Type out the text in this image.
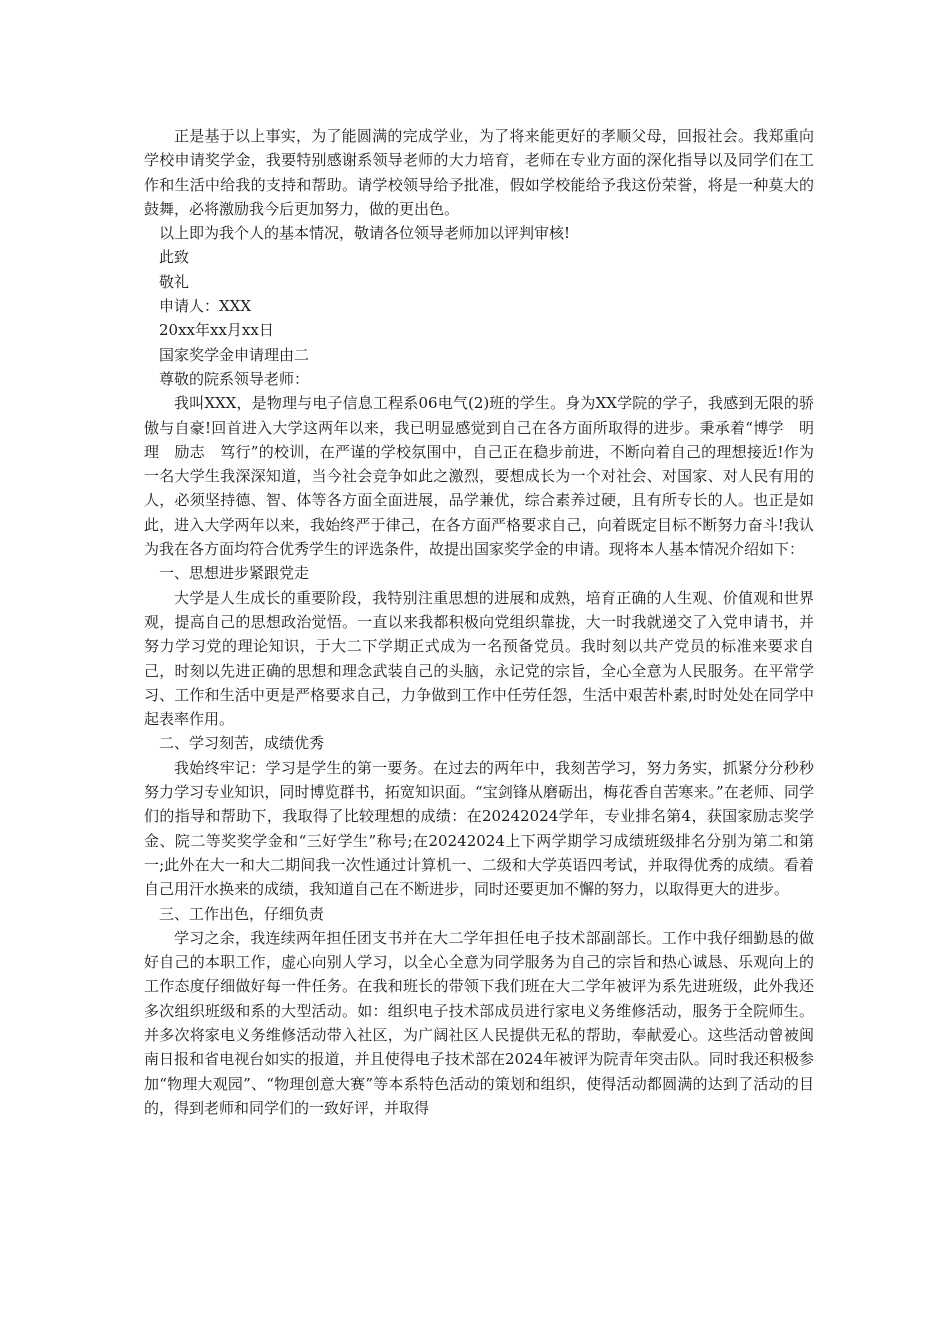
正是基于以上事实，为了能圆满的完成学业，为了将来能更好的孝顺父母，回报社会。我郑重向学校申请奖学金，我要特别感谢系领导老师的大力培育，老师在专业方面的深化指导以及同学们在工作和生活中给我的支持和帮助。请学校领导给予批准，假如学校能给予我这份荣誉，将是一种莫大的鼓舞，必将激励我今后更加努力，做的更出色。

以上即为我个人的基本情况，敬请各位领导老师加以评判审核!

此致

敬礼

申请人：XXX

20xx年xx月xx日

国家奖学金申请理由二

尊敬的院系领导老师：

我叫XXX，是物理与电子信息工程系06电气(2)班的学生。身为XX学院的学子，我感到无限的骄傲与自豪!回首进入大学这两年以来，我已明显感觉到自己在各方面所取得的进步。秉承着“博学　明理　励志　笃行”的校训，在严谨的学校氛围中，自己正在稳步前进，不断向着自己的理想接近!作为一名大学生我深深知道，当今社会竞争如此之激烈，要想成长为一个对社会、对国家、对人民有用的人，必须坚持德、智、体等各方面全面进展，品学兼优，综合素养过硬，且有所专长的人。也正是如此，进入大学两年以来，我始终严于律己，在各方面严格要求自己，向着既定目标不断努力奋斗!我认为我在各方面均符合优秀学生的评选条件，故提出国家奖学金的申请。现将本人基本情况介绍如下：

一、思想进步紧跟党走

大学是人生成长的重要阶段，我特别注重思想的进展和成熟，培育正确的人生观、价值观和世界观，提高自己的思想政治觉悟。一直以来我都积极向党组织靠拢，大一时我就递交了入党申请书，并努力学习党的理论知识，于大二下学期正式成为一名预备党员。我时刻以共产党员的标准来要求自己，时刻以先进正确的思想和理念武装自己的头脑，永记党的宗旨，全心全意为人民服务。在平常学习、工作和生活中更是严格要求自己，力争做到工作中任劳任怨，生活中艰苦朴素,时时处处在同学中起表率作用。

二、学习刻苦，成绩优秀

我始终牢记：学习是学生的第一要务。在过去的两年中，我刻苦学习，努力务实，抓紧分分秒秒努力学习专业知识，同时博览群书，拓宽知识面。“宝剑锋从磨砺出，梅花香自苦寒来。”在老师、同学们的指导和帮助下，我取得了比较理想的成绩：在20242024学年，专业排名第4，获国家励志奖学金、院二等奖奖学金和“三好学生”称号;在20242024上下两学期学习成绩班级排名分别为第二和第一;此外在大一和大二期间我一次性通过计算机一、二级和大学英语四考试，并取得优秀的成绩。看着自己用汗水换来的成绩，我知道自己在不断进步，同时还要更加不懈的努力，以取得更大的进步。

三、工作出色，仔细负责

学习之余，我连续两年担任团支书并在大二学年担任电子技术部副部长。工作中我仔细勤恳的做好自己的本职工作，虚心向别人学习，以全心全意为同学服务为自己的宗旨和热心诚恳、乐观向上的工作态度仔细做好每一件任务。在我和班长的带领下我们班在大二学年被评为系先进班级，此外我还多次组织班级和系的大型活动。如：组织电子技术部成员进行家电义务维修活动，服务于全院师生。并多次将家电义务维修活动带入社区，为广阔社区人民提供无私的帮助，奉献爱心。这些活动曾被闽南日报和省电视台如实的报道，并且使得电子技术部在2024年被评为院青年突击队。同时我还积极参加“物理大观园”、“物理创意大赛”等本系特色活动的策划和组织，使得活动都圆满的达到了活动的目的，得到老师和同学们的一致好评，并取得
